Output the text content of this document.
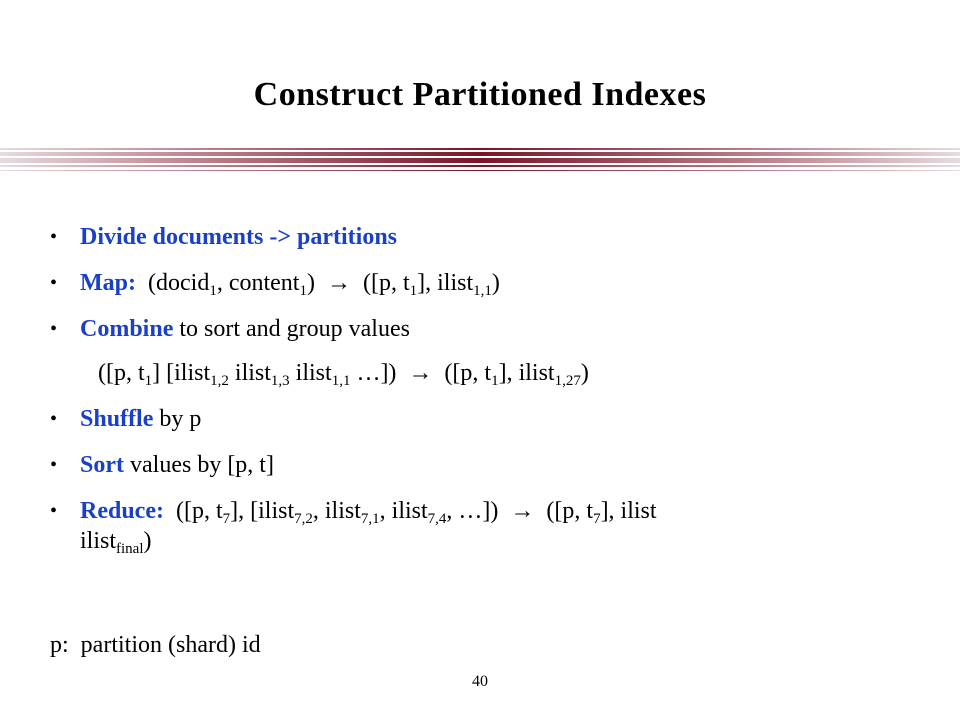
Construct Partitioned Indexes
• Divide documents -> partitions
• Map:  (docid$_1$, content$_1$)  →  ([p, $t_1$], ilist$_{1,1}$)
• Combine to sort and group values
([p, $t_1$] [ilist$_{1,2}$ ilist$_{1,3}$ ilist$_{1,1}$ …])  →  ([p, $t_1$], ilist$_{1,27}$)
• Shuffle by p
• Sort values by [p, t]
• Reduce:  ([p, $t_7$], [ilist$_{7,2}$, ilist$_{7,1}$, ilist$_{7,4}$, …])  →  ([p, $t_7$], ilist
ilist$_{final}$)
p:  partition (shard) id
40
